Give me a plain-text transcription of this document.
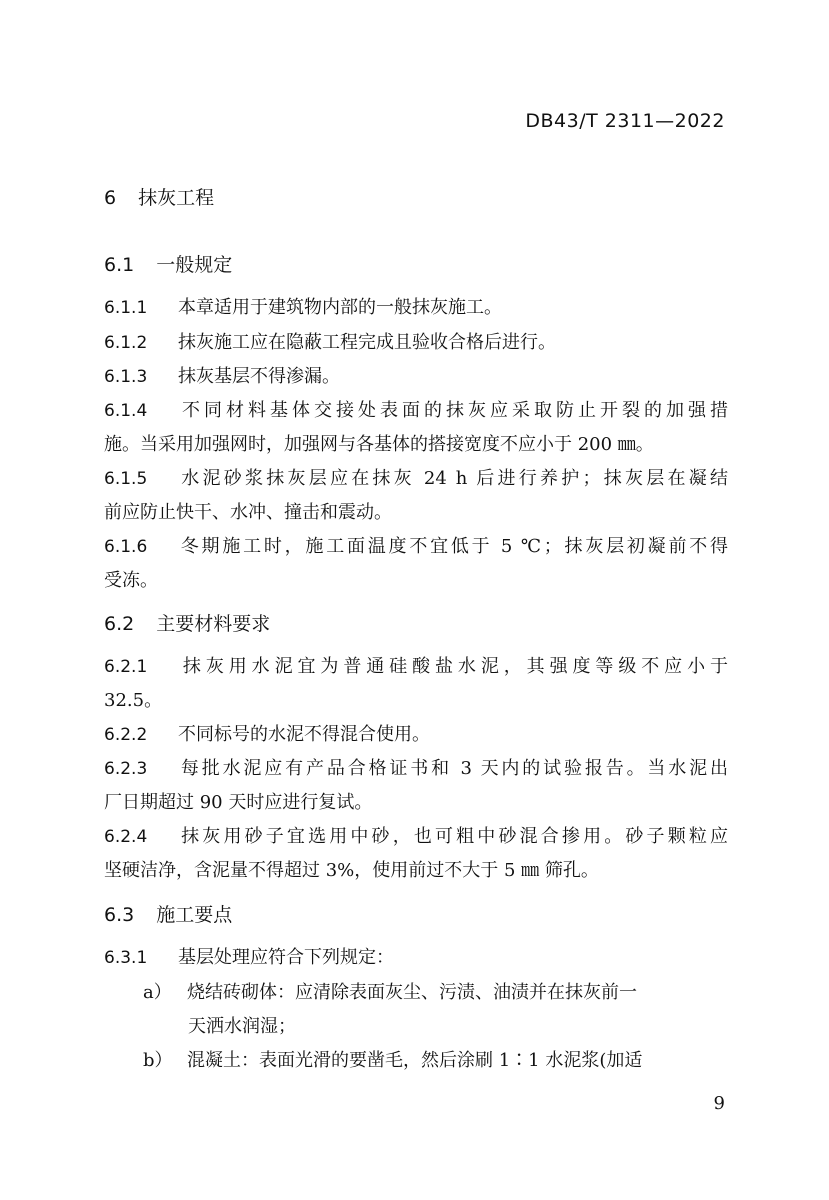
DB43/T 2311—2022
6 抹灰工程
6.1 一般规定
6.1.1 本章适用于建筑物内部的一般抹灰施工。
6.1.2 抹灰施工应在隐蔽工程完成且验收合格后进行。
6.1.3 抹灰基层不得渗漏。
6.1.4 不同材料基体交接处表面的抹灰应采取防止开裂的加强措
施。当采用加强网时，加强网与各基体的搭接宽度不应小于 200 ㎜。
6.1.5 水泥砂浆抹灰层应在抹灰 24 h 后进行养护；抹灰层在凝结
前应防止快干、水冲、撞击和震动。
6.1.6 冬期施工时，施工面温度不宜低于 5 ℃；抹灰层初凝前不得
受冻。
6.2 主要材料要求
6.2.1 抹灰用水泥宜为普通硅酸盐水泥，其强度等级不应小于
32.5。
6.2.2 不同标号的水泥不得混合使用。
6.2.3 每批水泥应有产品合格证书和 3 天内的试验报告。当水泥出
厂日期超过 90 天时应进行复试。
6.2.4 抹灰用砂子宜选用中砂，也可粗中砂混合掺用。砂子颗粒应
坚硬洁净，含泥量不得超过 3%，使用前过不大于 5 ㎜ 筛孔。
6.3 施工要点
6.3.1 基层处理应符合下列规定：
a） 烧结砖砌体：应清除表面灰尘、污渍、油渍并在抹灰前一
天洒水润湿；
b） 混凝土：表面光滑的要凿毛，然后涂刷 1∶1 水泥浆(加适
9
